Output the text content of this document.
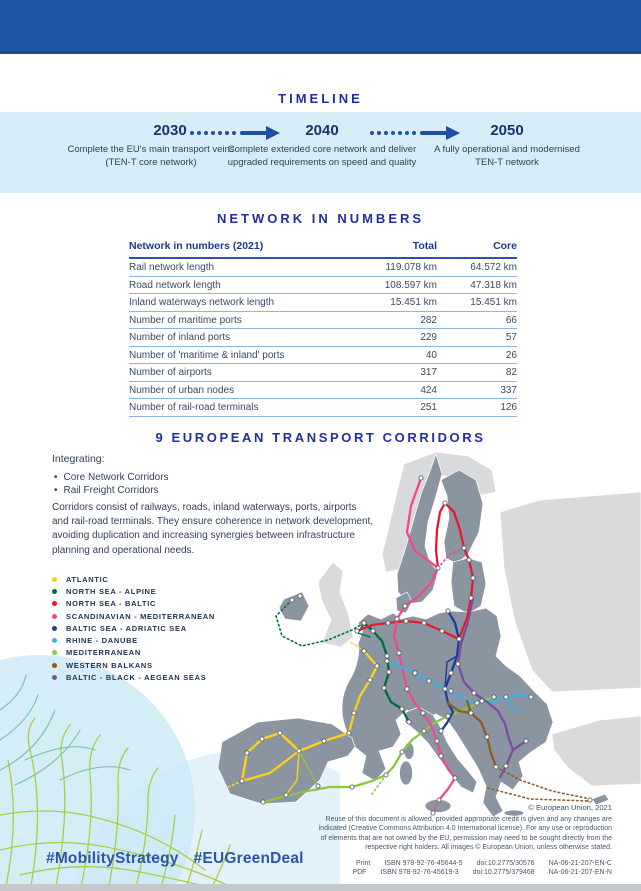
TIMELINE
2030
Complete the EU's main transport veins (TEN-T core network)
2040
Complete extended core network and deliver upgraded requirements on speed and quality
2050
A fully operational and modernised TEN-T network
NETWORK IN NUMBERS
Network in numbers (2021)	Total	Core
Rail network length	119.078 km	64.572 km
Road network length	108.597 km	47.318 km
Inland waterways network length	15.451 km	15.451 km
Number of maritime ports	282	66
Number of inland ports	229	57
Number of 'maritime & inland' ports	40	26
Number of airports	317	82
Number of urban nodes	424	337
Number of rail-road terminals	251	126
9 EUROPEAN TRANSPORT CORRIDORS
Integrating:
• Core Network Corridors
• Rail Freight Corridors
Corridors consist of railways, roads, inland waterways, ports, airports and rail-road terminals. They ensure coherence in network development, avoiding duplication and increasing synergies between infrastructure planning and operational needs.
ATLANTIC
NORTH SEA - ALPINE
NORTH SEA - BALTIC
SCANDINAVIAN - MEDITERRANEAN
BALTIC SEA - ADRIATIC SEA
RHINE - DANUBE
MEDITERRANEAN
WESTERN BALKANS
BALTIC - BLACK - AEGEAN SEAS
#MobilityStrategy #EUGreenDeal
© European Union, 2021
Reuse of this document is allowed, provided appropriate credit is given and any changes are
indicated (Creative Commons Attribution 4.0 International license). For any use or reproduction
of elements that are not owned by the EU, permission may need to be sought directly from the
respective right holders. All images © European Union, unless otherwise stated.
Print ISBN 978-92-76-45644-5 doi:10.2775/30576 NA-06-21-207-EN-C
PDF ISBN 978-92-76-45619-3 doi:10.2775/379468 NA-06-21-207-EN-N
